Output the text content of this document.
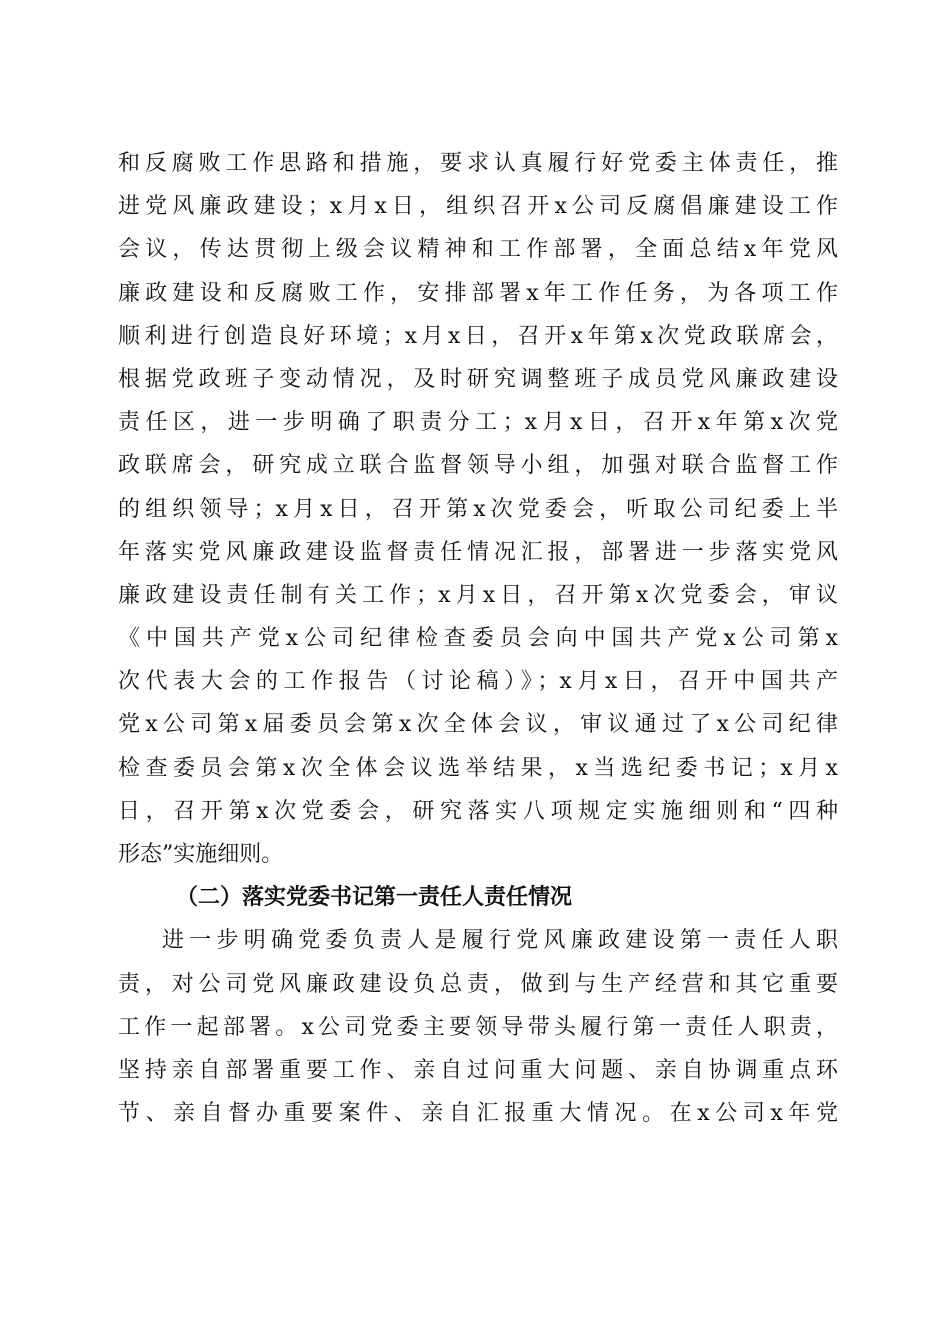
和反腐败工作思路和措施，要求认真履行好党委主体责任，推
进党风廉政建设；x月x日，组织召开x公司反腐倡廉建设工作
会议，传达贯彻上级会议精神和工作部署，全面总结x年党风
廉政建设和反腐败工作，安排部署x年工作任务，为各项工作
顺利进行创造良好环境；x月x日，召开x年第x次党政联席会，
根据党政班子变动情况，及时研究调整班子成员党风廉政建设
责任区，进一步明确了职责分工；x月x日，召开x年第x次党
政联席会，研究成立联合监督领导小组，加强对联合监督工作
的组织领导；x月x日，召开第x次党委会，听取公司纪委上半
年落实党风廉政建设监督责任情况汇报，部署进一步落实党风
廉政建设责任制有关工作；x月x日，召开第x次党委会，审议
《中国共产党x公司纪律检查委员会向中国共产党x公司第x
次代表大会的工作报告（讨论稿）》；x月x日，召开中国共产
党x公司第x届委员会第x次全体会议，审议通过了x公司纪律
检查委员会第x次全体会议选举结果，x当选纪委书记；x月x
日，召开第x次党委会，研究落实八项规定实施细则和“四种
形态”实施细则。
（二）落实党委书记第一责任人责任情况
进一步明确党委负责人是履行党风廉政建设第一责任人职
责，对公司党风廉政建设负总责，做到与生产经营和其它重要
工作一起部署。x公司党委主要领导带头履行第一责任人职责，
坚持亲自部署重要工作、亲自过问重大问题、亲自协调重点环
节、亲自督办重要案件、亲自汇报重大情况。在x公司x年党
